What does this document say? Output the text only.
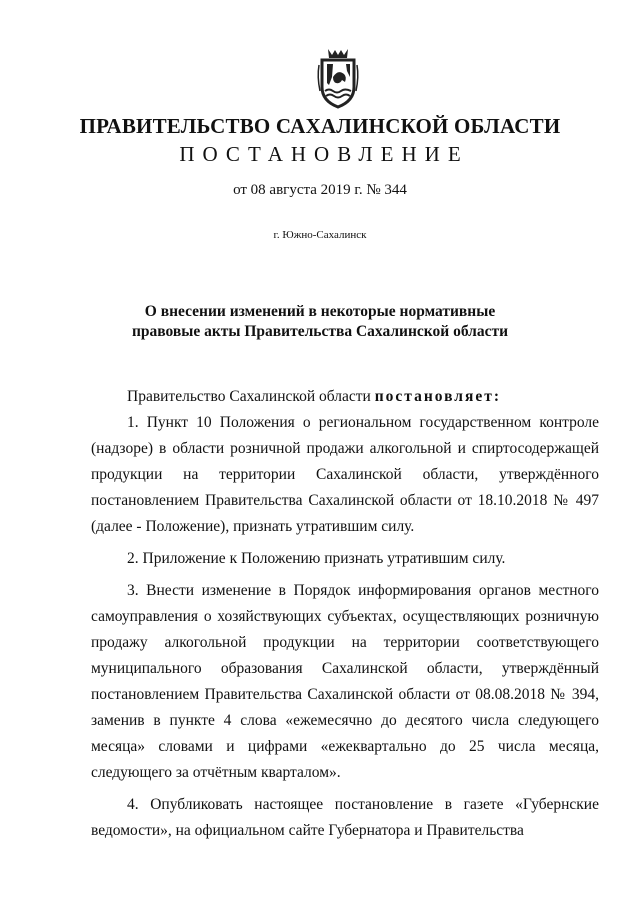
ПРАВИТЕЛЬСТВО САХАЛИНСКОЙ ОБЛАСТИ
ПОСТАНОВЛЕНИЕ
от 08 августа 2019 г. № 344
г. Южно-Сахалинск
О внесении изменений в некоторые нормативные
правовые акты Правительства Сахалинской области

Правительство Сахалинской области постановляет:

1. Пункт 10 Положения о региональном государственном контроле (надзоре) в области розничной продажи алкогольной и спиртосодержащей продукции на территории Сахалинской области, утверждённого постановлением Правительства Сахалинской области от 18.10.2018 № 497 (далее - Положение), признать утратившим силу.

2. Приложение к Положению признать утратившим силу.

3. Внести изменение в Порядок информирования органов местного самоуправления о хозяйствующих субъектах, осуществляющих розничную продажу алкогольной продукции на территории соответствующего муниципального образования Сахалинской области, утверждённый постановлением Правительства Сахалинской области от 08.08.2018 № 394, заменив в пункте 4 слова «ежемесячно до десятого числа следующего месяца» словами и цифрами «ежеквартально до 25 числа месяца, следующего за отчётным кварталом».

4. Опубликовать настоящее постановление в газете «Губернские ведомости», на официальном сайте Губернатора и Правительства
